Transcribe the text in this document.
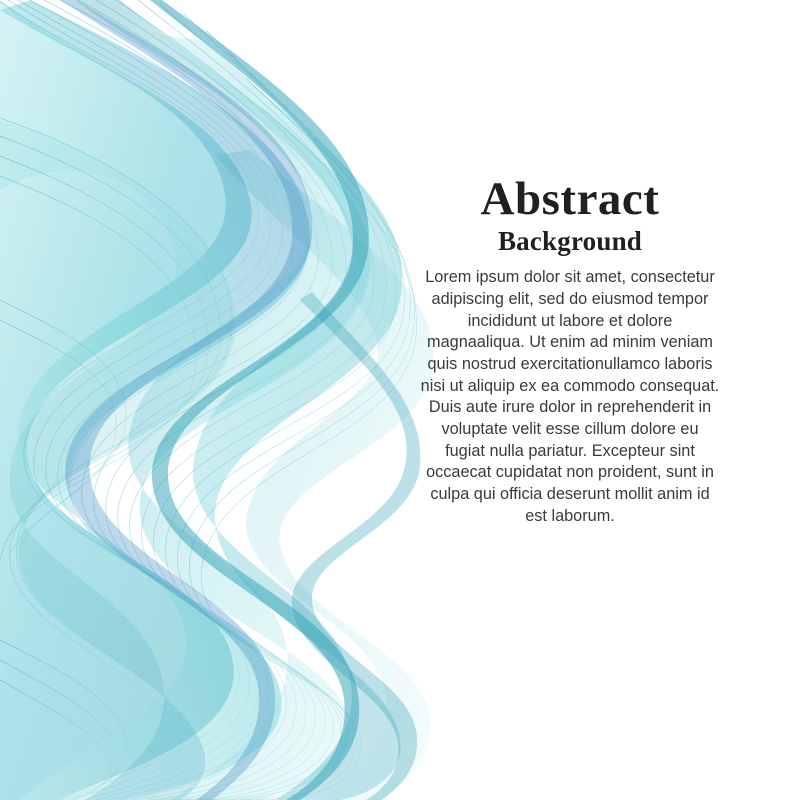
Abstract
Background

Lorem ipsum dolor sit amet, consectetur adipiscing elit, sed do eiusmod tempor incididunt ut labore et dolore magnaaliqua. Ut enim ad minim veniam quis nostrud exercitationullamco laboris nisi ut aliquip ex ea commodo consequat. Duis aute irure dolor in reprehenderit in voluptate velit esse cillum dolore eu fugiat nulla pariatur. Excepteur sint occaecat cupidatat non proident, sunt in culpa qui officia deserunt mollit anim id est laborum.
